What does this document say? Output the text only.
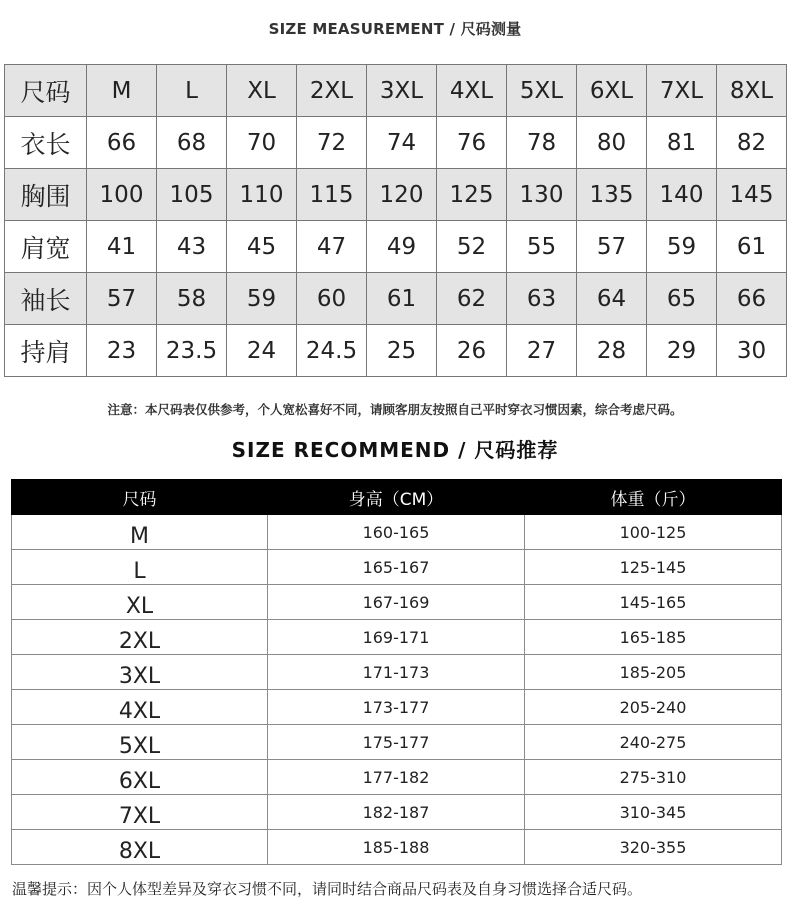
SIZE MEASUREMENT / 尺码测量
尺码	M	L	XL	2XL	3XL	4XL	5XL	6XL	7XL	8XL
衣长	66	68	70	72	74	76	78	80	81	82
胸围	100	105	110	115	120	125	130	135	140	145
肩宽	41	43	45	47	49	52	55	57	59	61
袖长	57	58	59	60	61	62	63	64	65	66
持肩	23	23.5	24	24.5	25	26	27	28	29	30
注意：本尺码表仅供参考，个人宽松喜好不同，请顾客朋友按照自己平时穿衣习惯因素，综合考虑尺码。
SIZE RECOMMEND / 尺码推荐
尺码	身高（CM）	体重（斤）
M	160-165	100-125
L	165-167	125-145
XL	167-169	145-165
2XL	169-171	165-185
3XL	171-173	185-205
4XL	173-177	205-240
5XL	175-177	240-275
6XL	177-182	275-310
7XL	182-187	310-345
8XL	185-188	320-355
温馨提示：因个人体型差异及穿衣习惯不同，请同时结合商品尺码表及自身习惯选择合适尺码。
